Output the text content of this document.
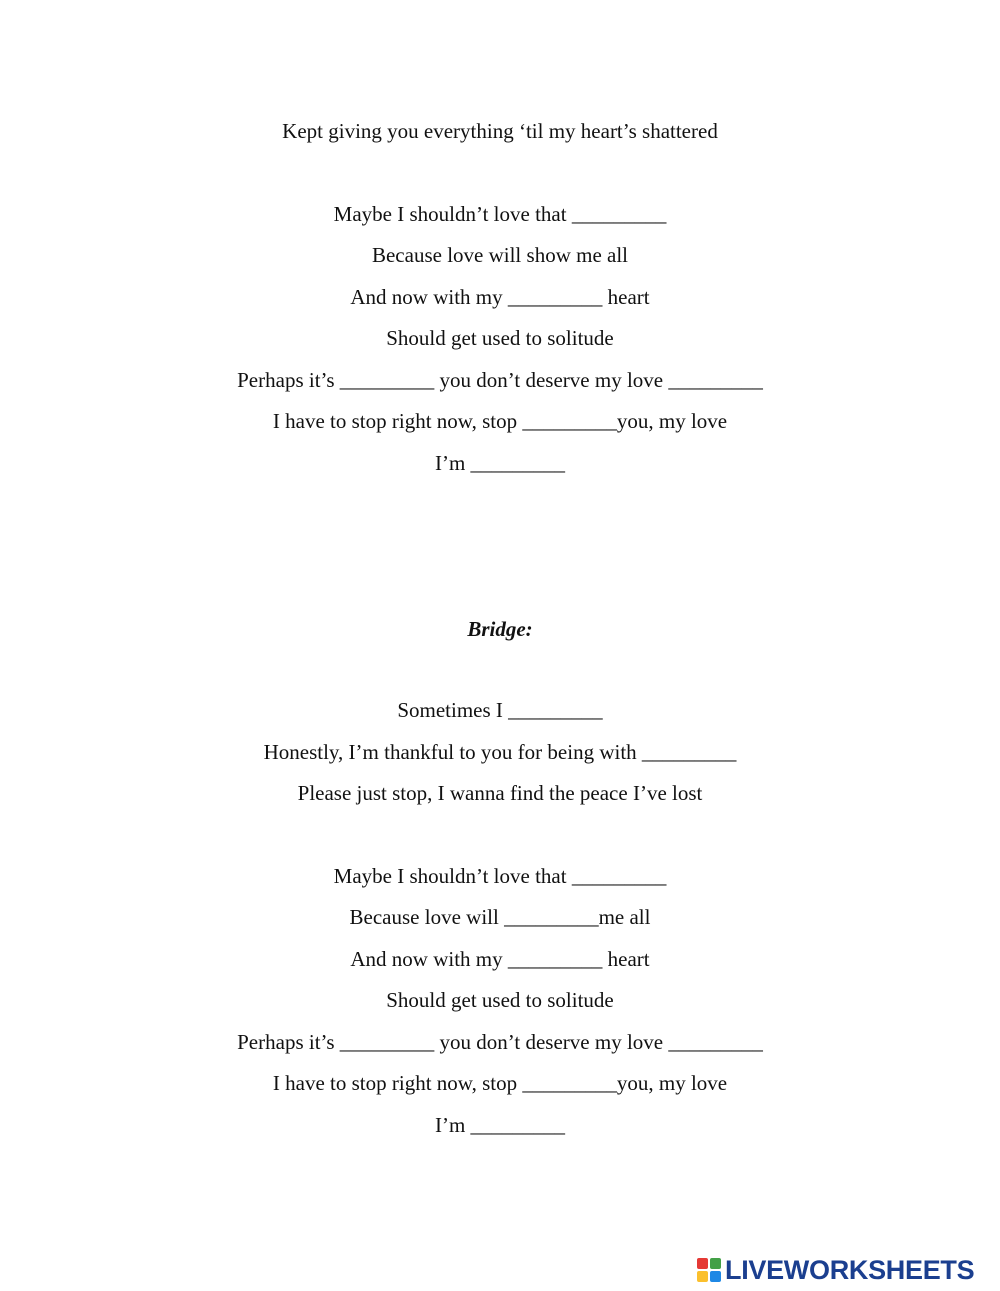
Kept giving you everything ‘til my heart’s shattered
Maybe I shouldn’t love that _________
Because love will show me all
And now with my _________ heart
Should get used to solitude
Perhaps it’s _________ you don’t deserve my love _________
I have to stop right now, stop _________you, my love
I’m _________
Bridge:
Sometimes I _________
Honestly, I’m thankful to you for being with _________
Please just stop, I wanna find the peace I’ve lost
Maybe I shouldn’t love that _________
Because love will _________me all
And now with my _________ heart
Should get used to solitude
Perhaps it’s _________ you don’t deserve my love _________
I have to stop right now, stop _________you, my love
I’m _________
LIVEWORKSHEETS
